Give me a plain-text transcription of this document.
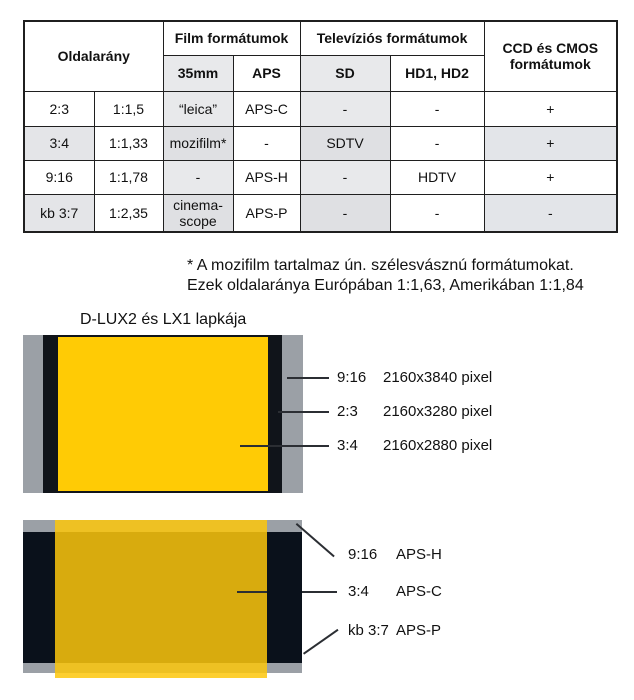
Oldalarány		Film formátumok		Televíziós formátumok		CCD és CMOS formátumok
		35mm	APS	SD	HD1, HD2	
2:3	1:1,5	“leica”	APS-C	-	-	+
3:4	1:1,33	mozifilm*	-	SDTV	-	+
9:16	1:1,78	-	APS-H	-	HDTV	+
kb 3:7	1:2,35	cinema-scope	APS-P	-	-	-
* A mozifilm tartalmaz ún. szélesvásznú formátumokat.
Ezek oldalaránya Európában 1:1,63, Amerikában 1:1,84
D-LUX2 és LX1 lapkája
9:16 2160x3840 pixel
2:3 2160x3280 pixel
3:4 2160x2880 pixel
9:16 APS-H
3:4 APS-C
kb 3:7 APS-P
